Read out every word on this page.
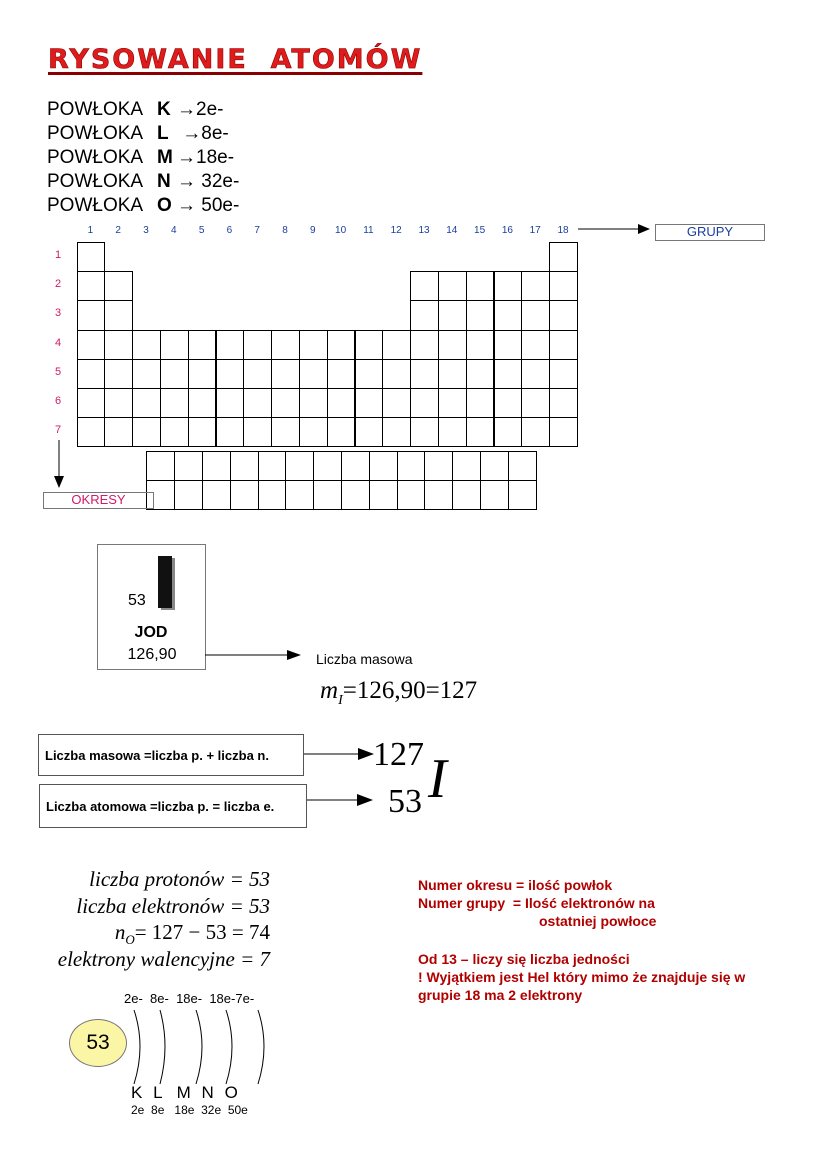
RYSOWANIE  ATOMÓW
POWŁOKA K →2e-
POWŁOKA L →8e-
POWŁOKA M →18e-
POWŁOKA N → 32e-
POWŁOKA O → 50e-
1	2	3	4	5	6	7	8	9	10	11	12	13	14	15	16	17	18
1
2
3
4
5
6
7
GRUPY
OKRESY
53
JOD
126,90	Liczba masowa
$m_I=126,90=127$
Liczba masowa =liczba p. + liczba n.
Liczba atomowa =liczba p. = liczba e.
127
53 I
liczba protonów = 53
liczba elektronów = 53
$n_O= 127 - 53 = 74$
elektrony walencyjne = 7
Numer okresu = ilość powłok
Numer grupy  = Ilość elektronów na
ostatniej powłoce
Od 13 – liczy się liczba jedności
! Wyjątkiem jest Hel który mimo że znajduje się w
grupie 18 ma 2 elektrony
53
2e- 8e- 18e- 18e-7e-
K L M N O
2e 8e 18e 32e 50e
